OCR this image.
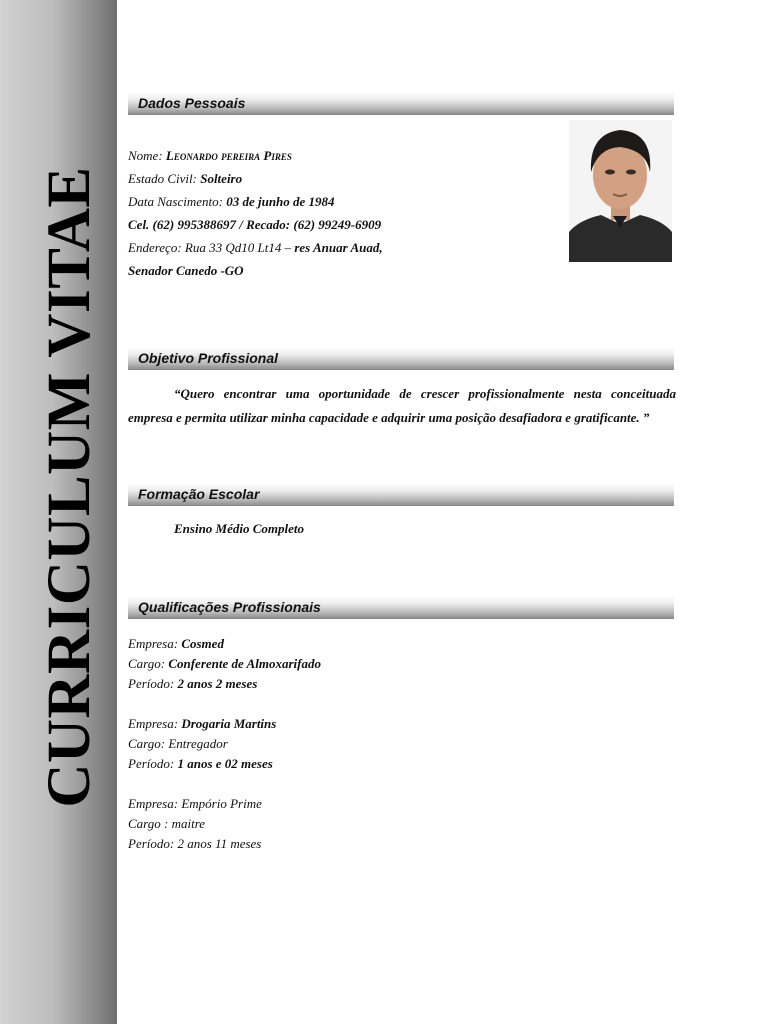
CURRICULUM VITAE
Dados Pessoais
Nome: Leonardo pereira Pires
Estado Civil: Solteiro
Data Nascimento: 03 de junho de 1984
Cel. (62) 995388697 / Recado: (62) 99249-6909
Endereço: Rua 33 Qd10 Lt14 – res Anuar Auad,
Senador Canedo -GO
Objetivo Profissional
“Quero encontrar uma oportunidade de crescer profissionalmente nesta conceituada empresa e permita utilizar minha capacidade e adquirir uma posição desafiadora e gratificante. ”
Formação Escolar
Ensino Médio Completo
Qualificações Profissionais
Empresa: Cosmed
Cargo: Conferente de Almoxarifado
Período: 2 anos 2 meses
Empresa: Drogaria Martins
Cargo: Entregador
Período: 1 anos e 02 meses
Empresa: Empório Prime
Cargo : maitre
Período: 2 anos 11 meses
